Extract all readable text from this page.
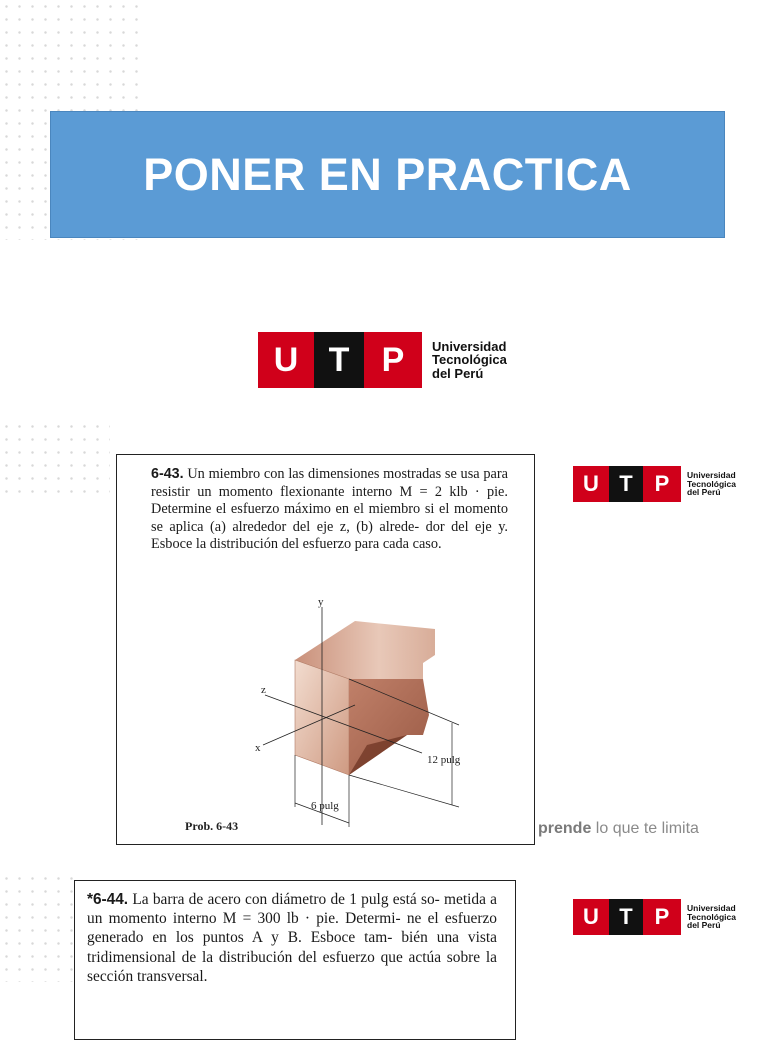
PONER EN PRACTICA
U T P	Universidad
Tecnológica
del Perú
6-43. Un miembro con las dimensiones mostradas se usa para resistir un momento flexionante interno M = 2 klb · pie. Determine el esfuerzo máximo en el miembro si el momento se aplica (a) alrededor del eje z, (b) alrede- dor del eje y. Esboce la distribución del esfuerzo para cada caso.
y
z
x
12 pulg
6 pulg
Prob. 6-43
U T P	Universidad
Tecnológica
del Perú
prende lo que te limita
*6-44. La barra de acero con diámetro de 1 pulg está so- metida a un momento interno M = 300 lb · pie. Determi- ne el esfuerzo generado en los puntos A y B. Esboce tam- bién una vista tridimensional de la distribución del esfuerzo que actúa sobre la sección transversal.
U T P	Universidad
Tecnológica
del Perú
